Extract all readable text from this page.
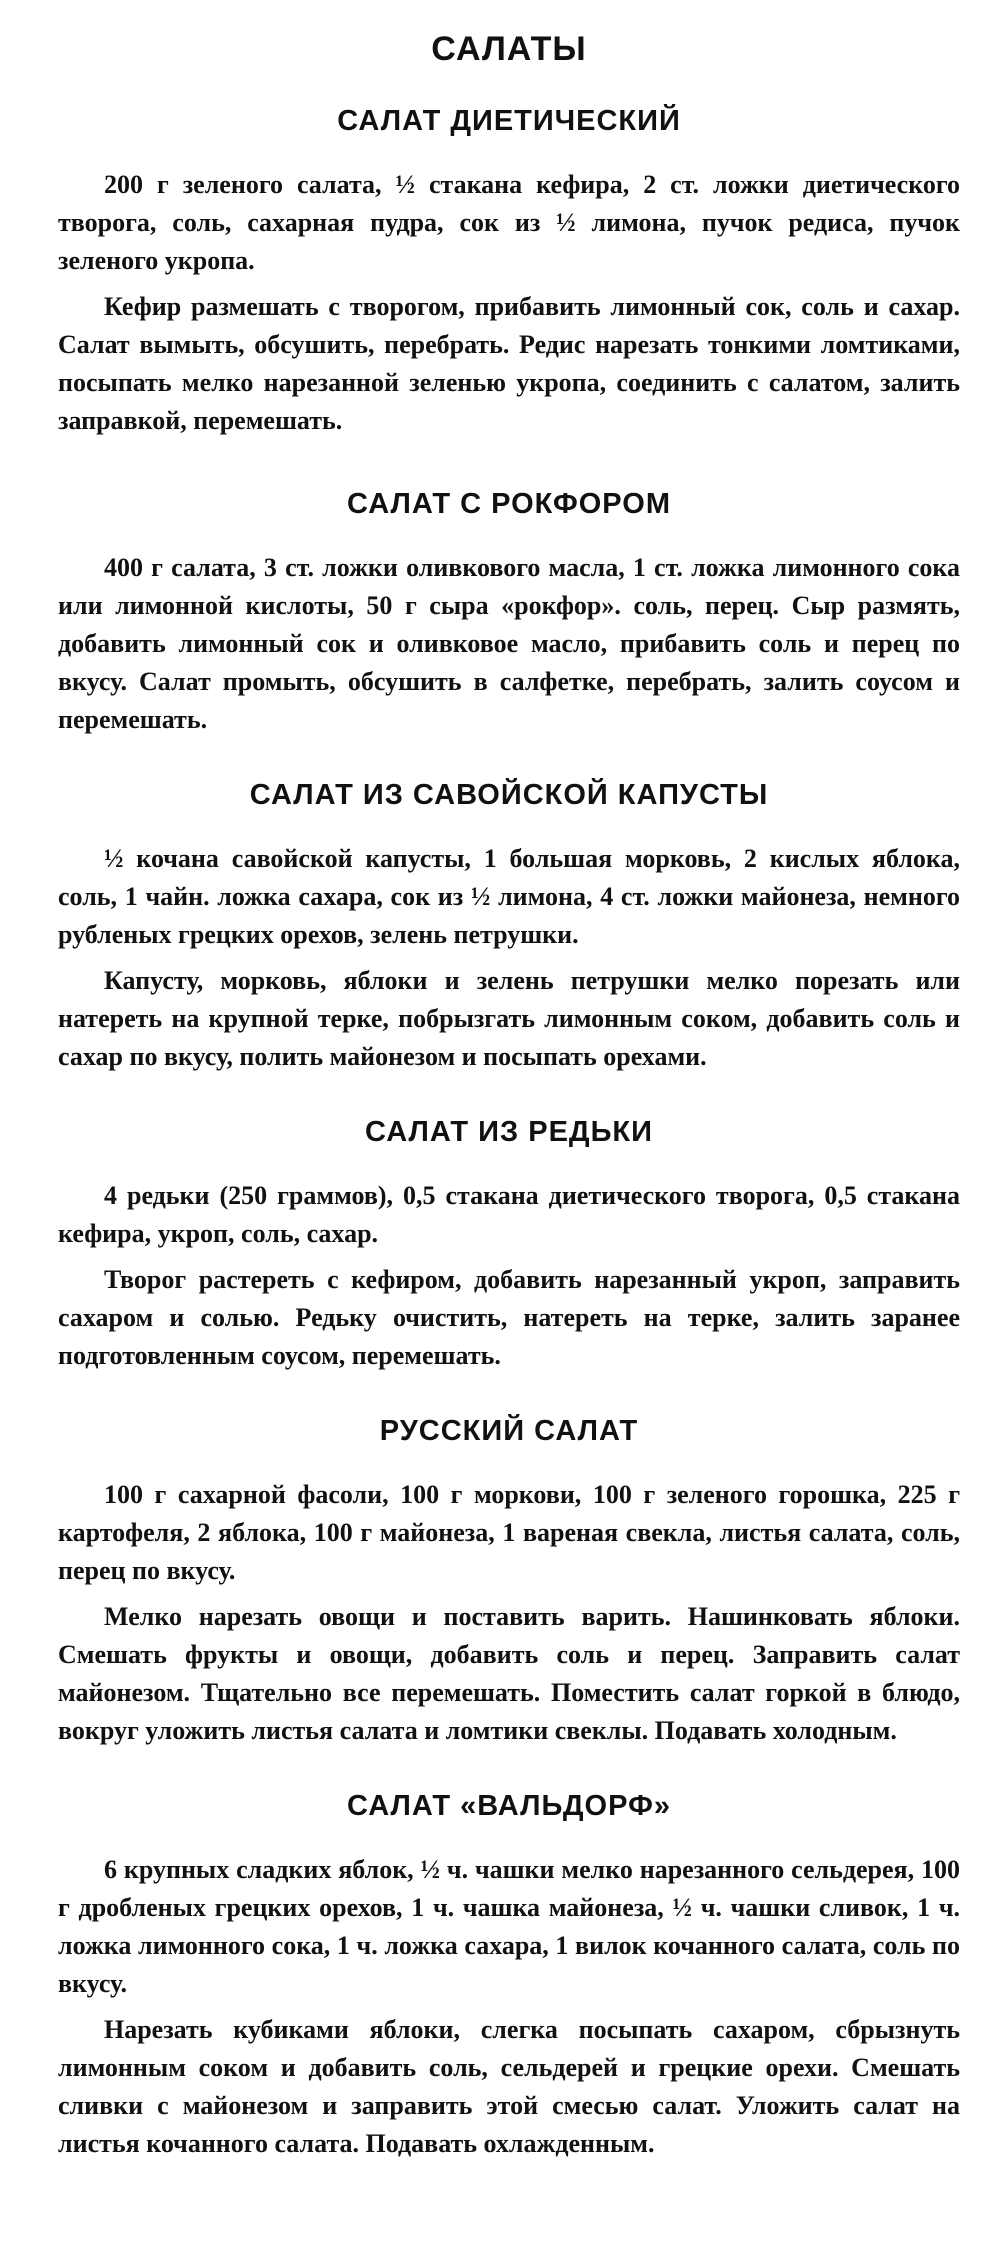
САЛАТЫ
САЛАТ ДИЕТИЧЕСКИЙ

200 г зеленого салата, ½ стакана кефира, 2 ст. ложки диетического творога, соль, сахарная пудра, сок из ½ лимона, пучок редиса, пучок зеленого укропа.

Кефир размешать с творогом, прибавить лимонный сок, соль и сахар. Салат вымыть, обсушить, перебрать. Редис нарезать тонкими ломтиками, посыпать мелко нарезанной зеленью укропа, соединить с салатом, залить заправкой, перемешать.

САЛАТ С РОКФОРОМ

400 г салата, 3 ст. ложки оливкового масла, 1 ст. ложка лимонного сока или лимонной кислоты, 50 г сыра «рокфор». соль, перец. Сыр размять, добавить лимонный сок и оливковое масло, прибавить соль и перец по вкусу. Салат промыть, обсушить в салфетке, перебрать, залить соусом и перемешать.

САЛАТ ИЗ САВОЙСКОЙ КАПУСТЫ

½ кочана савойской капусты, 1 большая морковь, 2 кислых яблока, соль, 1 чайн. ложка сахара, сок из ½ лимона, 4 ст. ложки майонеза, немного рубленых грецких орехов, зелень петрушки.

Капусту, морковь, яблоки и зелень петрушки мелко порезать или натереть на крупной терке, побрызгать лимонным соком, добавить соль и сахар по вкусу, полить майонезом и посыпать орехами.

САЛАТ ИЗ РЕДЬКИ

4 редьки (250 граммов), 0,5 стакана диетического творога, 0,5 стакана кефира, укроп, соль, сахар.

Творог растереть с кефиром, добавить нарезанный укроп, заправить сахаром и солью. Редьку очистить, натереть на терке, залить заранее подготовленным соусом, перемешать.

РУССКИЙ САЛАТ

100 г сахарной фасоли, 100 г моркови, 100 г зеленого горошка, 225 г картофеля, 2 яблока, 100 г майонеза, 1 вареная свекла, листья салата, соль, перец по вкусу.

Мелко нарезать овощи и поставить варить. Нашинковать яблоки. Смешать фрукты и овощи, добавить соль и перец. Заправить салат майонезом. Тщательно все перемешать. Поместить салат горкой в блюдо, вокруг уложить листья салата и ломтики свеклы. Подавать холодным.

САЛАТ «ВАЛЬДОРФ»

6 крупных сладких яблок, ½ ч. чашки мелко нарезанного сельдерея, 100 г дробленых грецких орехов, 1 ч. чашка майонеза, ½ ч. чашки сливок, 1 ч. ложка лимонного сока, 1 ч. ложка сахара, 1 вилок кочанного салата, соль по вкусу.

Нарезать кубиками яблоки, слегка посыпать сахаром, сбрызнуть лимонным соком и добавить соль, сельдерей и грецкие орехи. Смешать сливки с майонезом и заправить этой смесью салат. Уложить салат на листья кочанного салата. Подавать охлажденным.
